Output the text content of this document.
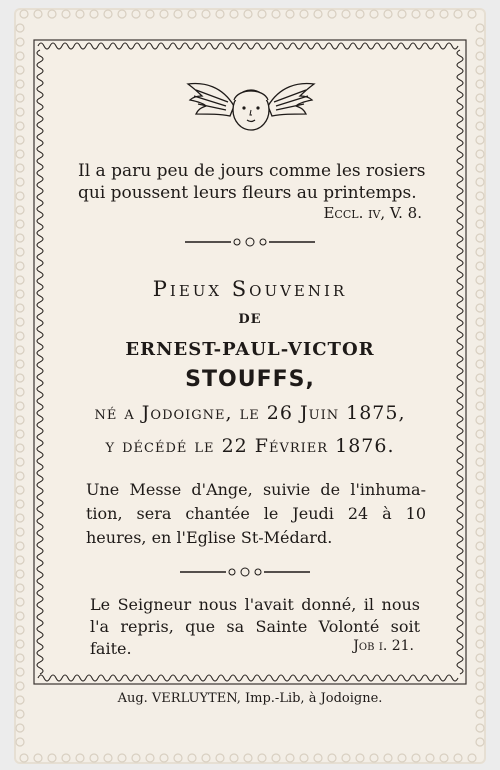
Il a paru peu de jours comme les rosiers qui poussent leurs fleurs au printemps.
Eccl. iv, V. 8.
Pieux Souvenir
DE
ERNEST-PAUL-VICTOR
STOUFFS,
né a Jodoigne, le 26 Juin 1875,
y décédé le 22 Février 1876.
Une Messe d'Ange, suivie de l'inhuma-tion, sera chantée le Jeudi 24 à 10 heures, en l'Eglise St-Médard.
Le Seigneur nous l'avait donné, il nous l'a repris, que sa Sainte Volonté soit faite.	Job i. 21.
Aug. VERLUYTEN, Imp.-Lib, à Jodoigne.
